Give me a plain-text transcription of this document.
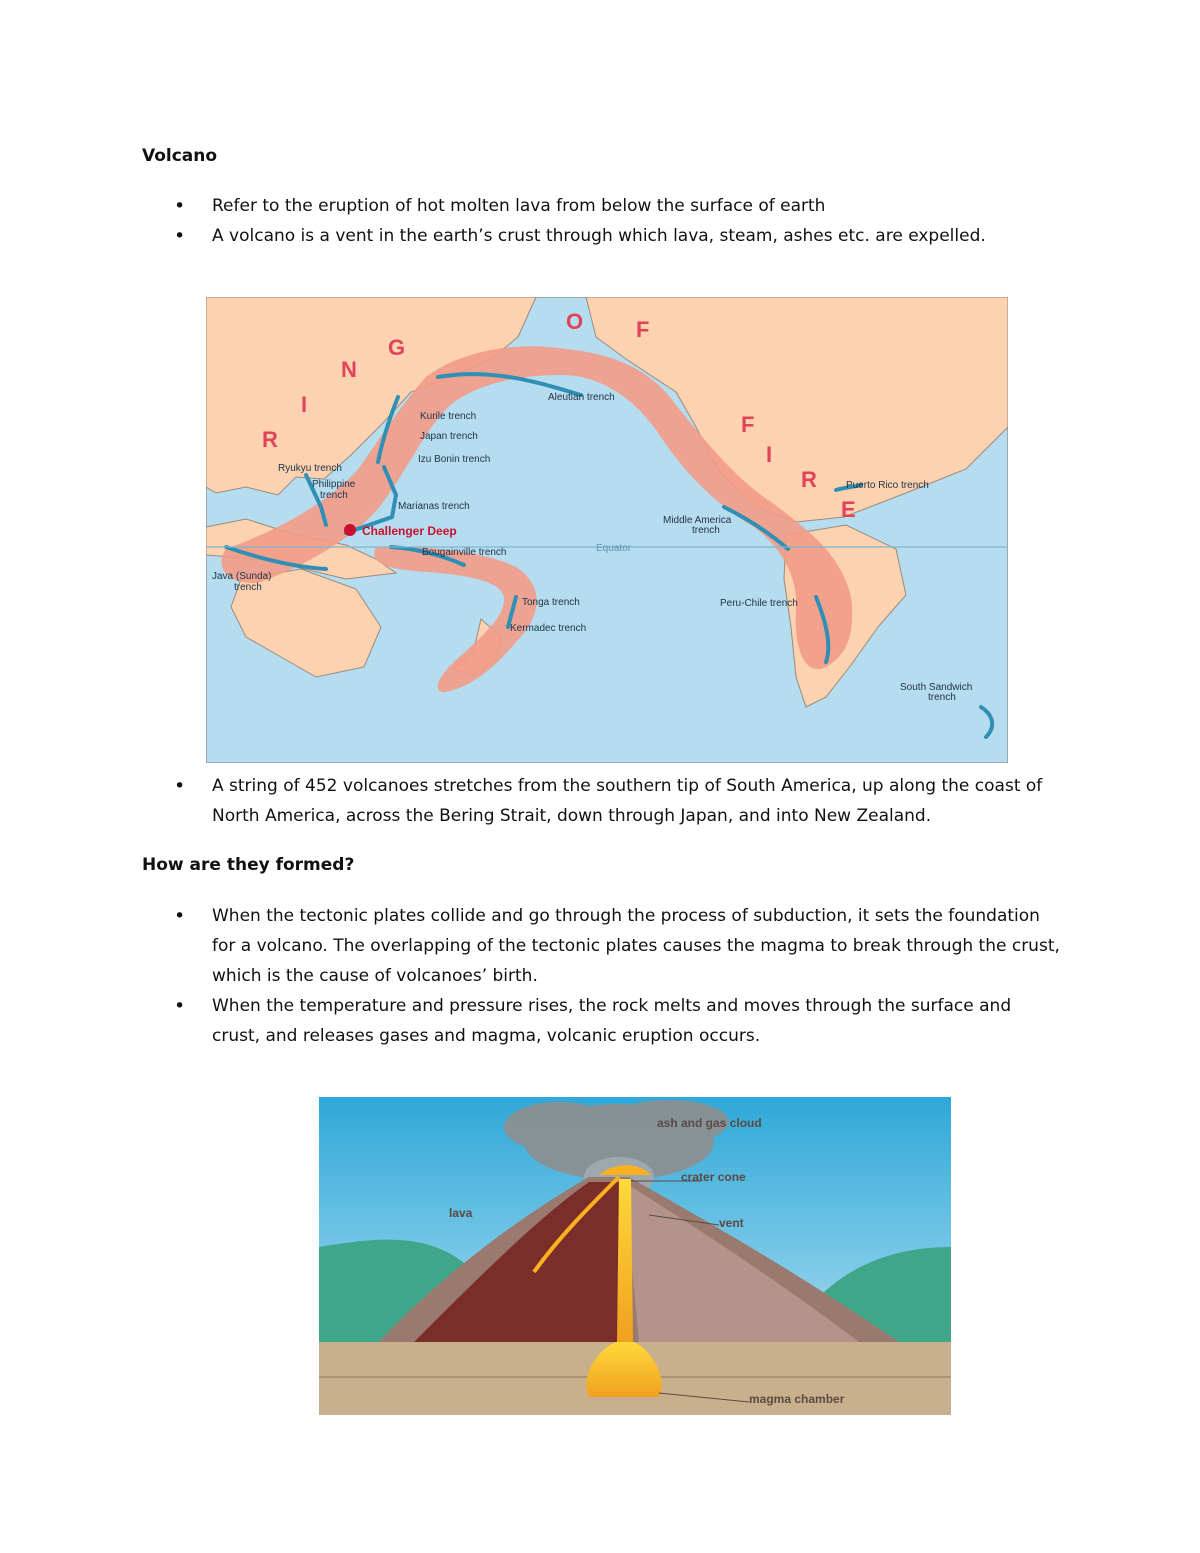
Volcano
• Refer to the eruption of hot molten lava from below the surface of earth
• A volcano is a vent in the earth’s crust through which lava, steam, ashes etc. are expelled.
Equator
R
I
N
G
O F
F
I
R
E
Challenger Deep
Aleutian trench
Kurile trench
Japan trench
Izu Bonin trench
Ryukyu trench
Philippine
trench
Marianas trench
Bougainville trench
Java (Sunda)
trench
Tonga trench
Kermadec trench
Puerto Rico trench
Middle America
trench
Peru-Chile trench
South Sandwich
trench
• A string of 452 volcanoes stretches from the southern tip of South America, up along the coast of North America, across the Bering Strait, down through Japan, and into New Zealand.
How are they formed?
• When the tectonic plates collide and go through the process of subduction, it sets the foundation for a volcano. The overlapping of the tectonic plates causes the magma to break through the crust, which is the cause of volcanoes’ birth.
• When the temperature and pressure rises, the rock melts and moves through the surface and crust, and releases gases and magma, volcanic eruption occurs.
ash and gas cloud
crater cone
lava
vent
magma chamber
